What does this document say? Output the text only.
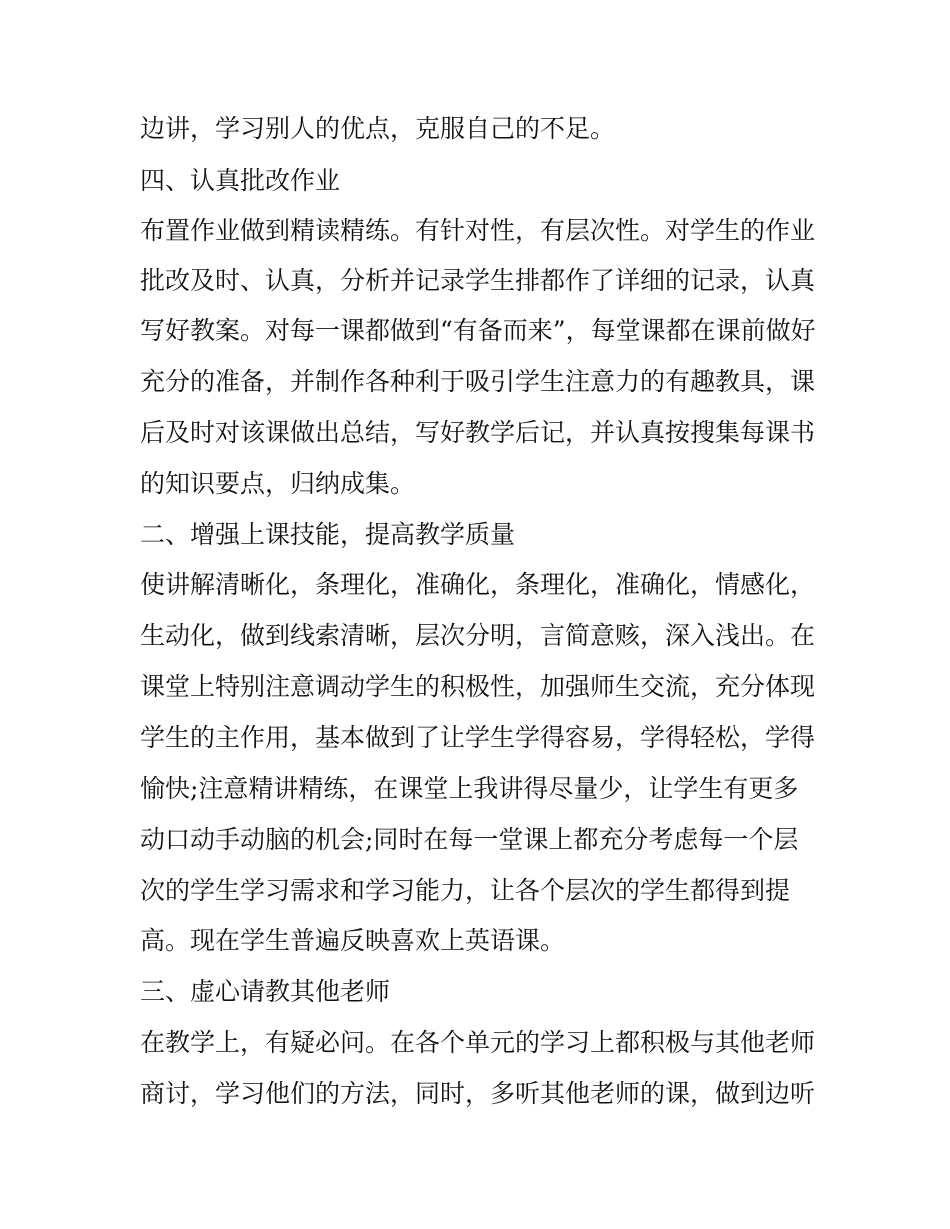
边讲，学习别人的优点，克服自己的不足。
四、认真批改作业
布置作业做到精读精练。有针对性，有层次性。对学生的作业
批改及时、认真，分析并记录学生排都作了详细的记录，认真
写好教案。对每一课都做到“有备而来”，每堂课都在课前做好
充分的准备，并制作各种利于吸引学生注意力的有趣教具，课
后及时对该课做出总结，写好教学后记，并认真按搜集每课书
的知识要点，归纳成集。
二、增强上课技能，提高教学质量
使讲解清晰化，条理化，准确化，条理化，准确化，情感化，
生动化，做到线索清晰，层次分明，言简意赅，深入浅出。在
课堂上特别注意调动学生的积极性，加强师生交流，充分体现
学生的主作用，基本做到了让学生学得容易，学得轻松，学得
愉快;注意精讲精练，在课堂上我讲得尽量少，让学生有更多
动口动手动脑的机会;同时在每一堂课上都充分考虑每一个层
次的学生学习需求和学习能力，让各个层次的学生都得到提
高。现在学生普遍反映喜欢上英语课。
三、虚心请教其他老师
在教学上，有疑必问。在各个单元的学习上都积极与其他老师
商讨，学习他们的方法，同时，多听其他老师的课，做到边听
